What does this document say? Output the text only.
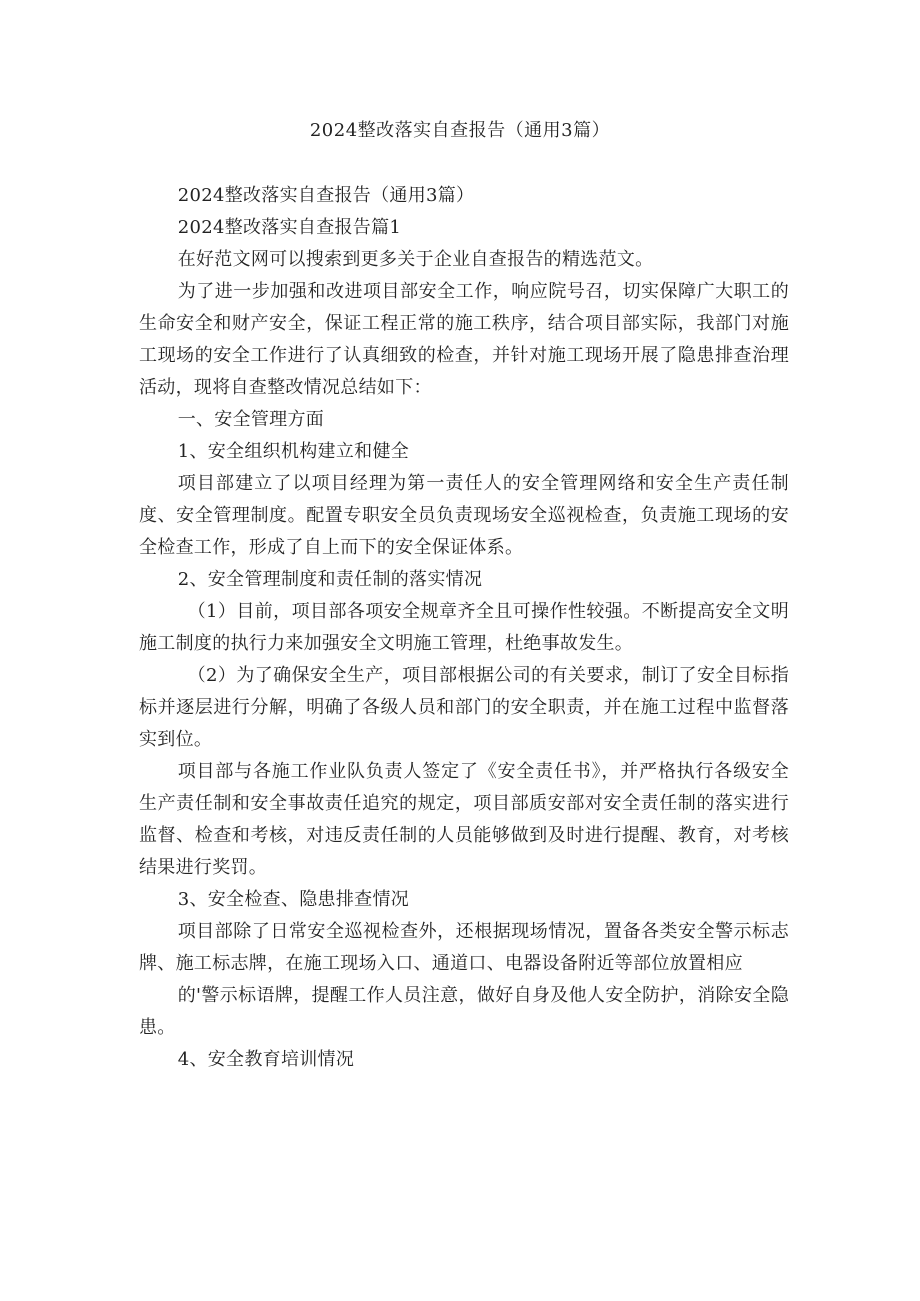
2024整改落实自查报告（通用3篇）

2024整改落实自查报告（通用3篇）

2024整改落实自查报告篇1

在好范文网可以搜索到更多关于企业自查报告的精选范文。

为了进一步加强和改进项目部安全工作，响应院号召，切实保障广大职工的生命安全和财产安全，保证工程正常的施工秩序，结合项目部实际，我部门对施工现场的安全工作进行了认真细致的检查，并针对施工现场开展了隐患排查治理活动，现将自查整改情况总结如下：

一、安全管理方面

1、安全组织机构建立和健全

项目部建立了以项目经理为第一责任人的安全管理网络和安全生产责任制度、安全管理制度。配置专职安全员负责现场安全巡视检查，负责施工现场的安全检查工作，形成了自上而下的安全保证体系。

2、安全管理制度和责任制的落实情况

（1）目前，项目部各项安全规章齐全且可操作性较强。不断提高安全文明施工制度的执行力来加强安全文明施工管理，杜绝事故发生。

（2）为了确保安全生产，项目部根据公司的有关要求，制订了安全目标指标并逐层进行分解，明确了各级人员和部门的安全职责，并在施工过程中监督落实到位。

项目部与各施工作业队负责人签定了《安全责任书》，并严格执行各级安全生产责任制和安全事故责任追究的规定，项目部质安部对安全责任制的落实进行监督、检查和考核，对违反责任制的人员能够做到及时进行提醒、教育，对考核结果进行奖罚。

3、安全检查、隐患排查情况

项目部除了日常安全巡视检查外，还根据现场情况，置备各类安全警示标志牌、施工标志牌，在施工现场入口、通道口、电器设备附近等部位放置相应

的'警示标语牌，提醒工作人员注意，做好自身及他人安全防护，消除安全隐患。

4、安全教育培训情况
